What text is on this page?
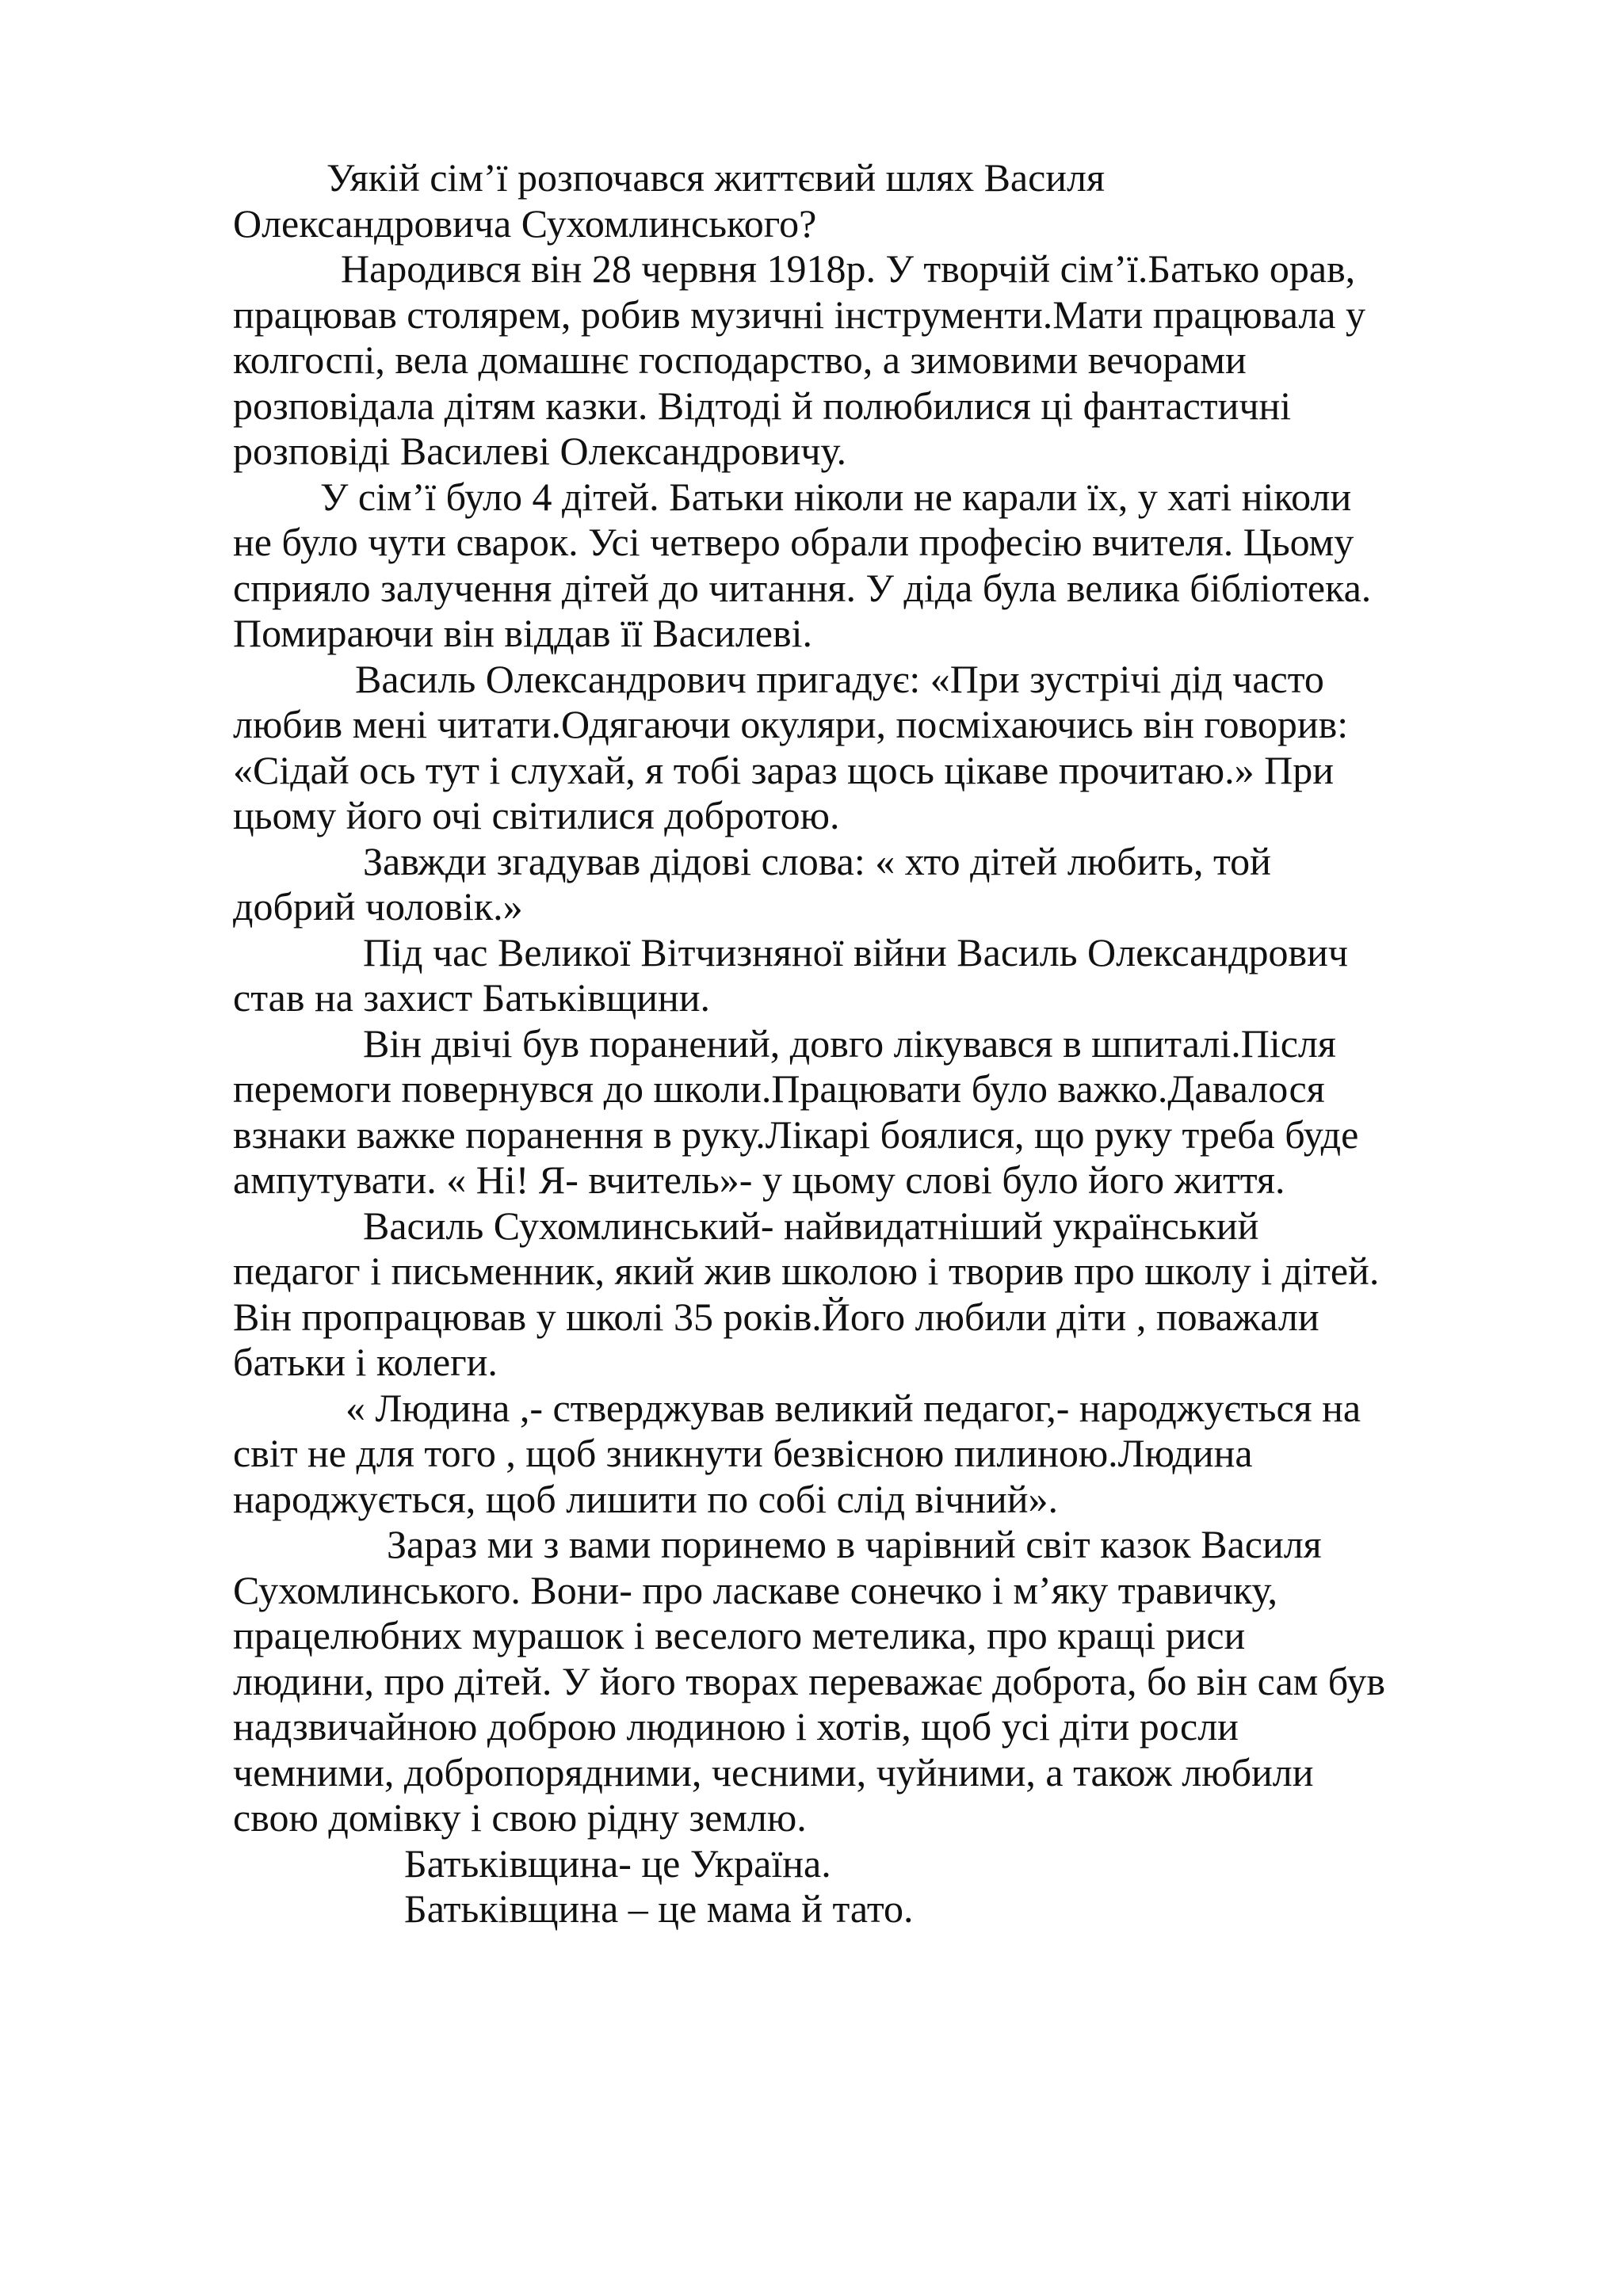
Уякій сім’ї розпочався життєвий шлях Василя
Олександровича Сухомлинського?
Народився він 28 червня 1918р. У творчій сім’ї.Батько орав,
працював столярем, робив музичні інструменти.Мати працювала у
колгоспі, вела домашнє господарство, а зимовими вечорами
розповідала дітям казки. Відтоді й полюбилися ці фантастичні
розповіді Василеві Олександровичу.
У сім’ї було 4 дітей. Батьки ніколи не карали їх, у хаті ніколи
не було чути сварок. Усі четверо обрали професію вчителя. Цьому
сприяло залучення дітей до читання. У діда була велика бібліотека.
Помираючи він віддав її Василеві.
Василь Олександрович пригадує: «При зустрічі дід часто
любив мені читати.Одягаючи окуляри, посміхаючись він говорив:
«Сідай ось тут і слухай, я тобі зараз щось цікаве прочитаю.» При
цьому його очі світилися добротою.
Завжди згадував дідові слова: « хто дітей любить, той
добрий чоловік.»
Під час Великої Вітчизняної війни Василь Олександрович
став на захист Батьківщини.
Він двічі був поранений, довго лікувався в шпиталі.Після
перемоги повернувся до школи.Працювати було важко.Давалося
взнаки важке поранення в руку.Лікарі боялися, що руку треба буде
ампутувати. « Ні! Я- вчитель»- у цьому слові було його життя.
Василь Сухомлинський- найвидатніший український
педагог і письменник, який жив школою і творив про школу і дітей.
Він пропрацював у школі 35 років.Його любили діти , поважали
батьки і колеги.
« Людина ,- стверджував великий педагог,- народжується на
світ не для того , щоб зникнути безвісною пилиною.Людина
народжується, щоб лишити по собі слід вічний».
Зараз ми з вами поринемо в чарівний світ казок Василя
Сухомлинського. Вони- про ласкаве сонечко і м’яку травичку,
працелюбних мурашок і веселого метелика, про кращі риси
людини, про дітей. У його творах переважає доброта, бо він сам був
надзвичайною доброю людиною і хотів, щоб усі діти росли
чемними, добропорядними, чесними, чуйними, а також любили
свою домівку і свою рідну землю.
Батьківщина- це Україна.
Батьківщина – це мама й тато.
